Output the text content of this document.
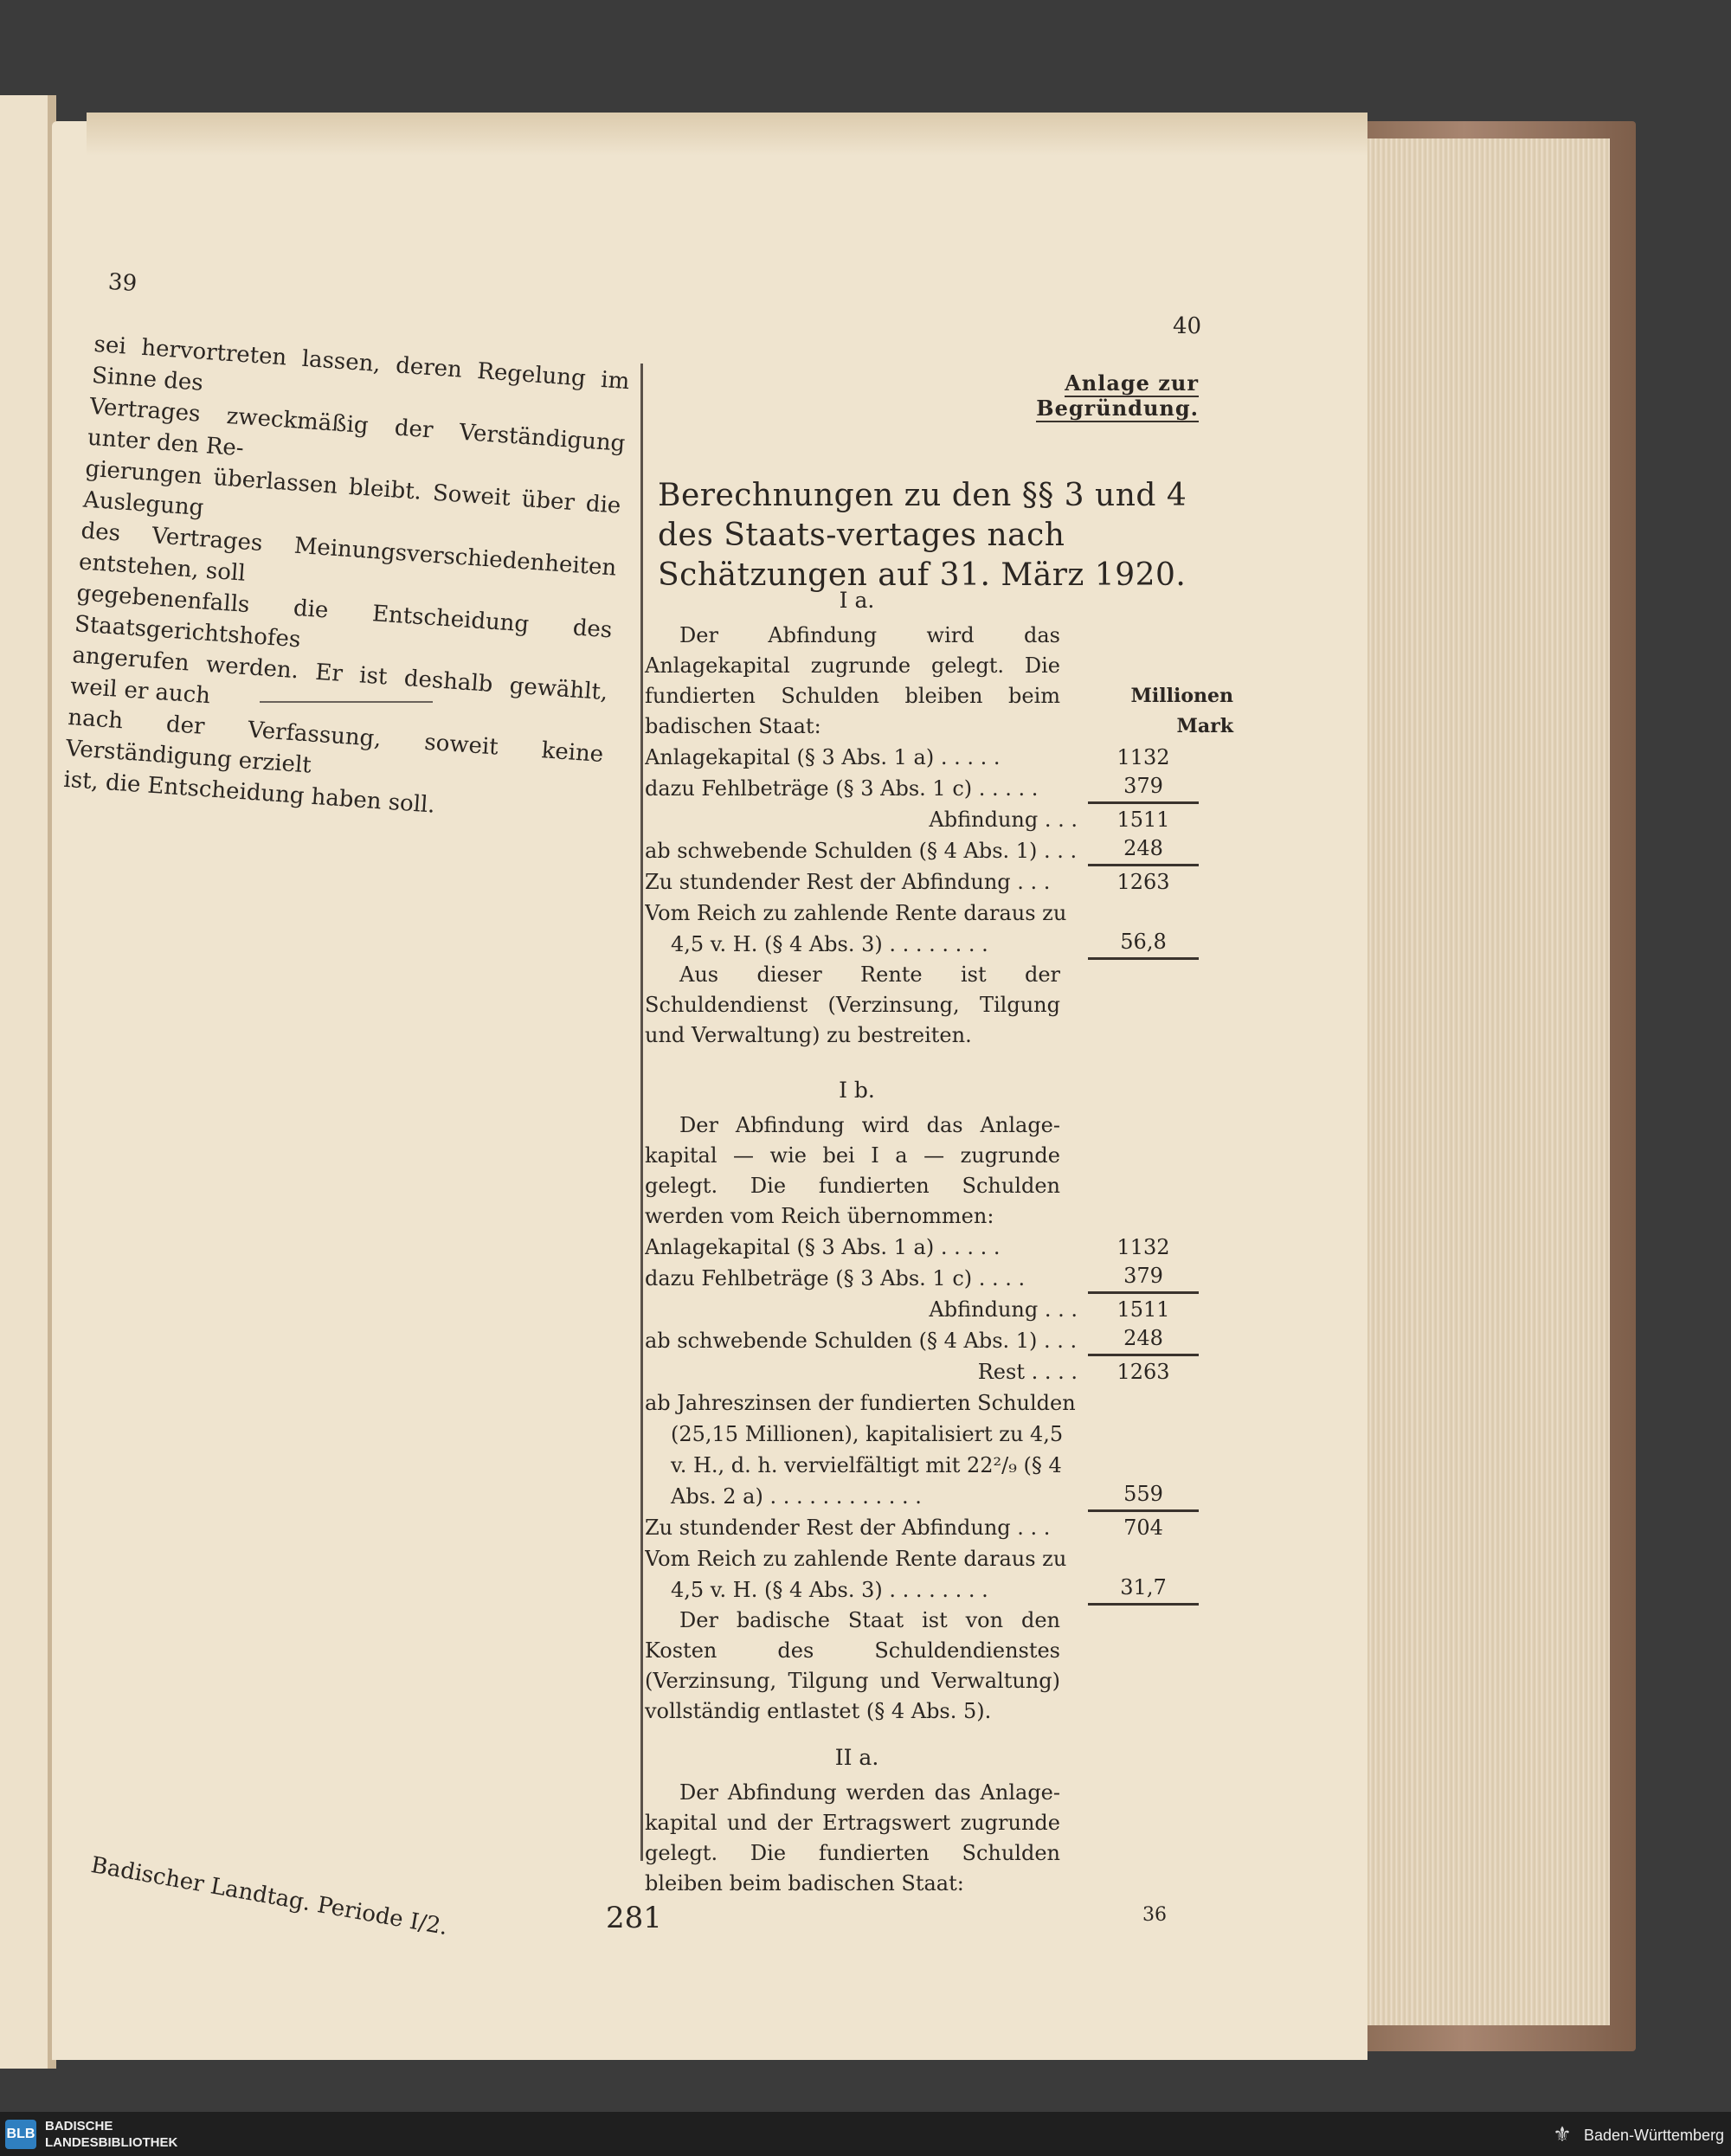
39
40
Anlage zur Begründung.

sei hervortreten lassen, deren Regelung im Sinne des

Vertrages zweckmäßig der Verständigung unter den Re-

gierungen überlassen bleibt. Soweit über die Auslegung

des Vertrages Meinungsverschiedenheiten entstehen, soll

gegebenenfalls die Entscheidung des Staatsgerichtshofes

angerufen werden. Er ist deshalb gewählt, weil er auch

nach der Verfassung, soweit keine Verständigung erzielt

ist, die Entscheidung haben soll.

Berechnungen zu den §§ 3 und 4 des Staats-vertages nach Schätzungen auf 31. März 1920.
I a.

Der Abfindung wird das Anlagekapital zugrunde gelegt. Die fundierten Schulden bleiben beim badischen Staat:

Millionen Mark
Anlagekapital (§ 3 Abs. 1 a) . . . . .	1132
dazu Fehlbeträge (§ 3 Abs. 1 c) . . . . .	379
Abfindung . . .	1511
ab schwebende Schulden (§ 4 Abs. 1) . . .	248
Zu stundender Rest der Abfindung . . .	1263
Vom Reich zu zahlende Rente daraus zu
4,5 v. H. (§ 4 Abs. 3) . . . . . . . .	56,8

Aus dieser Rente ist der Schuldendienst (Verzinsung, Tilgung und Verwaltung) zu bestreiten.

I b.

Der Abfindung wird das Anlage-kapital — wie bei I a — zugrunde gelegt. Die fundierten Schulden werden vom Reich übernommen:

Anlagekapital (§ 3 Abs. 1 a) . . . . .	1132
dazu Fehlbeträge (§ 3 Abs. 1 c) . . . .	379
Abfindung . . .	1511
ab schwebende Schulden (§ 4 Abs. 1) . . .	248
Rest . . . .	1263
ab Jahreszinsen der fundierten Schulden
(25,15 Millionen), kapitalisiert zu 4,5
v. H., d. h. vervielfältigt mit 22²/₉ (§ 4
Abs. 2 a) . . . . . . . . . . . .	559
Zu stundender Rest der Abfindung . . .	704
Vom Reich zu zahlende Rente daraus zu
4,5 v. H. (§ 4 Abs. 3) . . . . . . . .	31,7

Der badische Staat ist von den Kosten des Schuldendienstes (Verzinsung, Tilgung und Verwaltung) vollständig entlastet (§ 4 Abs. 5).

II a.

Der Abfindung werden das Anlage-kapital und der Ertragswert zugrunde gelegt. Die fundierten Schulden bleiben beim badischen Staat:

Badischer Landtag. Periode I/2.	281	36
BLB
BADISCHE
LANDESBIBLIOTHEK	⚜ Baden-Württemberg
